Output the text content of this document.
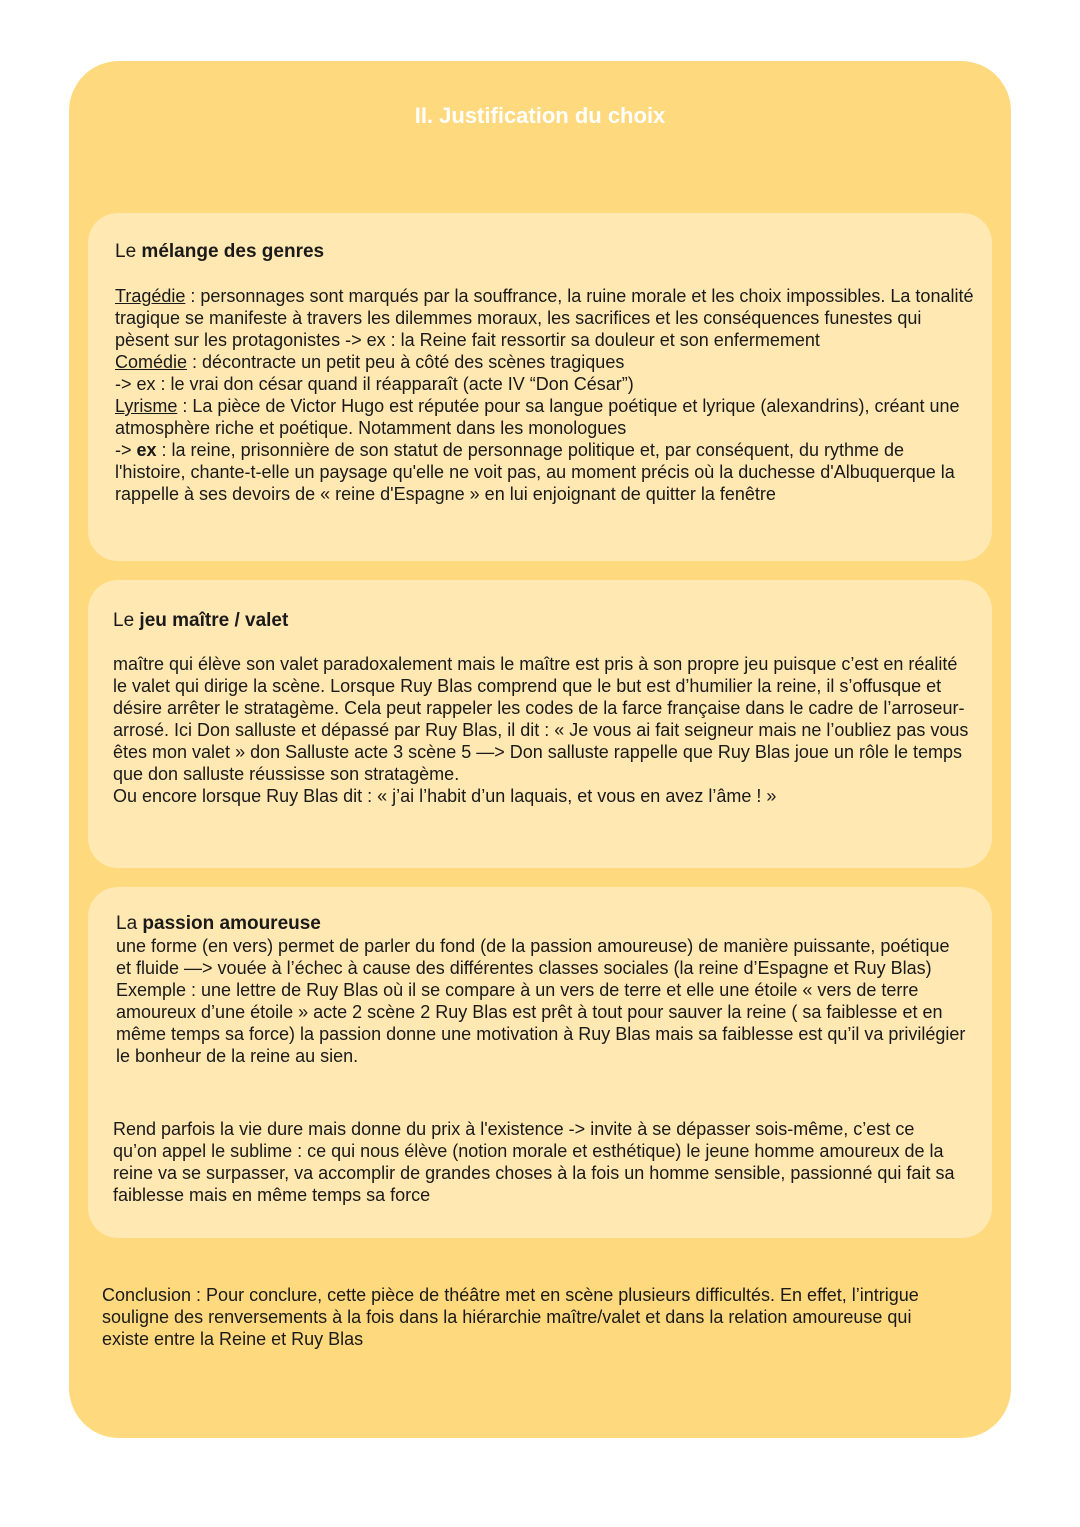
II. Justification du choix

Le mélange des genres

Tragédie : personnages sont marqués par la souffrance, la ruine morale et les choix impossibles. La tonalité tragique se manifeste à travers les dilemmes moraux, les sacrifices et les conséquences funestes qui pèsent sur les protagonistes -> ex : la Reine fait ressortir sa douleur et son enfermement
Comédie : décontracte un petit peu à côté des scènes tragiques
-> ex : le vrai don césar quand il réapparaît (acte IV “Don César”)
Lyrisme : La pièce de Victor Hugo est réputée pour sa langue poétique et lyrique (alexandrins), créant une atmosphère riche et poétique. Notamment dans les monologues
-> ex : la reine, prisonnière de son statut de personnage politique et, par conséquent, du rythme de l'histoire, chante-t-elle un paysage qu'elle ne voit pas, au moment précis où la duchesse d'Albuquerque la rappelle à ses devoirs de « reine d'Espagne » en lui enjoignant de quitter la fenêtre

Le jeu maître / valet

maître qui élève son valet paradoxalement mais le maître est pris à son propre jeu puisque c’est en réalité le valet qui dirige la scène. Lorsque Ruy Blas comprend que le but est d’humilier la reine, il s’offusque et désire arrêter le stratagème. Cela peut rappeler les codes de la farce française dans le cadre de l’arroseur-arrosé. Ici Don salluste et dépassé par Ruy Blas, il dit : « Je vous ai fait seigneur mais ne l’oubliez pas vous êtes mon valet » don Salluste acte 3 scène 5 —> Don salluste rappelle que Ruy Blas joue un rôle le temps que don salluste réussisse son stratagème.
Ou encore lorsque Ruy Blas dit : « j’ai l’habit d’un laquais, et vous en avez l’âme ! »

La passion amoureuse

une forme (en vers) permet de parler du fond (de la passion amoureuse) de manière puissante, poétique et fluide —> vouée à l’échec à cause des différentes classes sociales (la reine d’Espagne et Ruy Blas)
Exemple : une lettre de Ruy Blas où il se compare à un vers de terre et elle une étoile « vers de terre amoureux d’une étoile » acte 2 scène 2 Ruy Blas est prêt à tout pour sauver la reine ( sa faiblesse et en même temps sa force) la passion donne une motivation à Ruy Blas mais sa faiblesse est qu’il va privilégier le bonheur de la reine au sien.

Rend parfois la vie dure mais donne du prix à l'existence -> invite à se dépasser sois-même, c’est ce qu’on appel le sublime : ce qui nous élève (notion morale et esthétique) le jeune homme amoureux de la reine va se surpasser, va accomplir de grandes choses à la fois un homme sensible, passionné qui fait sa faiblesse mais en même temps sa force

Conclusion : Pour conclure, cette pièce de théâtre met en scène plusieurs difficultés. En effet, l’intrigue souligne des renversements à la fois dans la hiérarchie maître/valet et dans la relation amoureuse qui existe entre la Reine et Ruy Blas
